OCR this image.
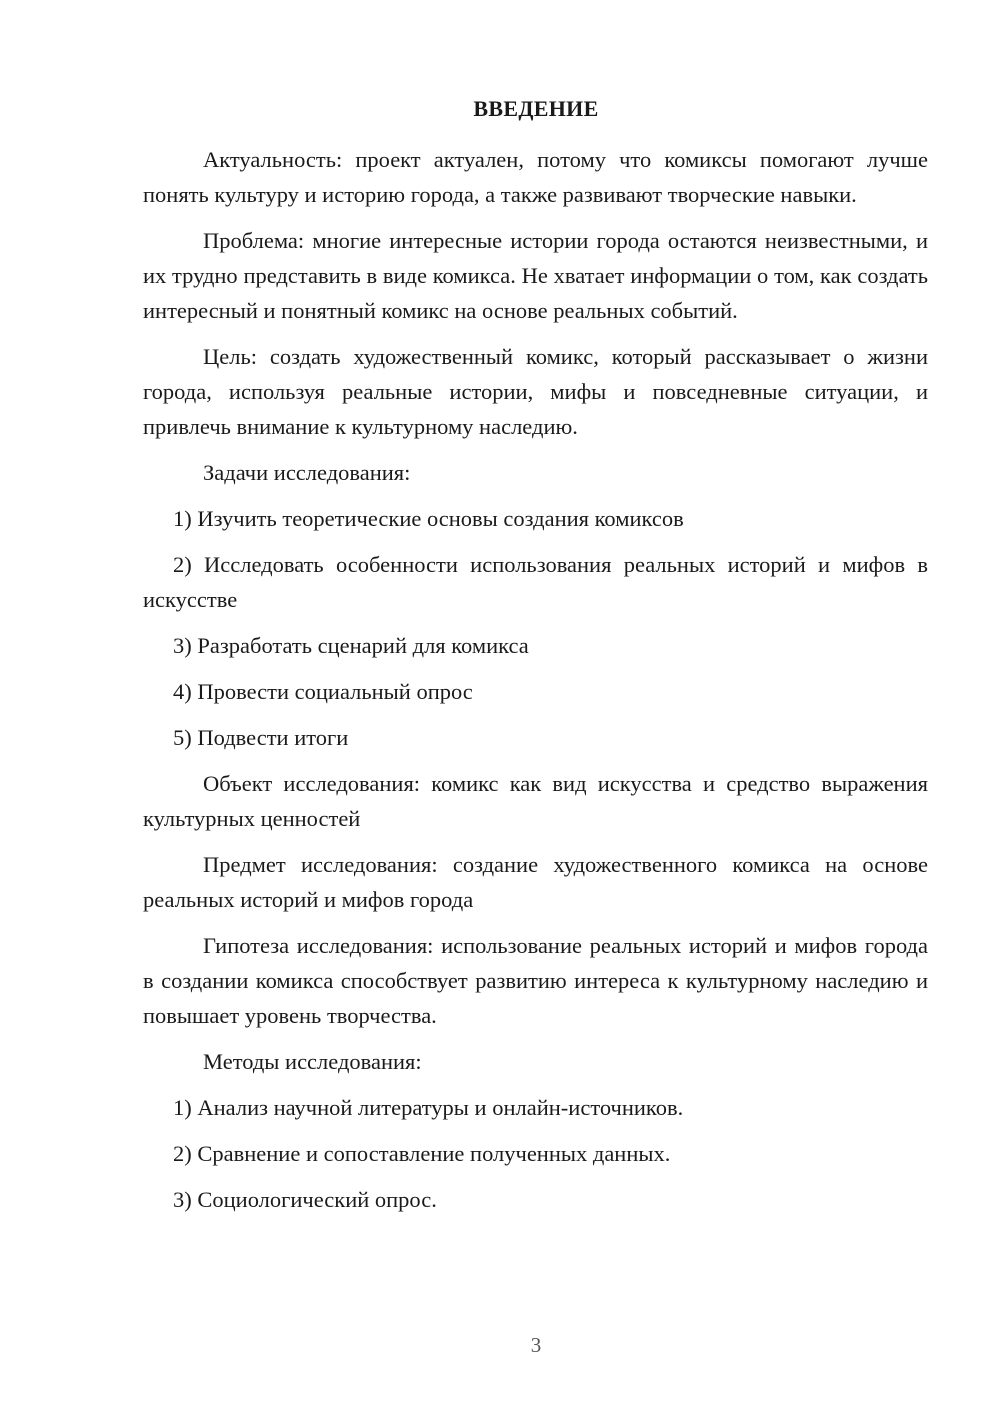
ВВЕДЕНИЕ

Актуальность: проект актуален, потому что комиксы помогают лучше понять культуру и историю города, а также развивают творческие навыки.

Проблема: многие интересные истории города остаются неизвестными, и их трудно представить в виде комикса. Не хватает информации о том, как создать интересный и понятный комикс на основе реальных событий.

Цель: создать художественный комикс, который рассказывает о жизни города, используя реальные истории, мифы и повседневные ситуации, и привлечь внимание к культурному наследию.

Задачи исследования:

1) Изучить теоретические основы создания комиксов

2) Исследовать особенности использования реальных историй и мифов в искусстве

3) Разработать сценарий для комикса

4) Провести социальный опрос

5) Подвести итоги

Объект исследования: комикс как вид искусства и средство выражения культурных ценностей

Предмет исследования: создание художественного комикса на основе реальных историй и мифов города

Гипотеза исследования: использование реальных историй и мифов города в создании комикса способствует развитию интереса к культурному наследию и повышает уровень творчества.

Методы исследования:

1) Анализ научной литературы и онлайн-источников.

2) Сравнение и сопоставление полученных данных.

3) Социологический опрос.

3
